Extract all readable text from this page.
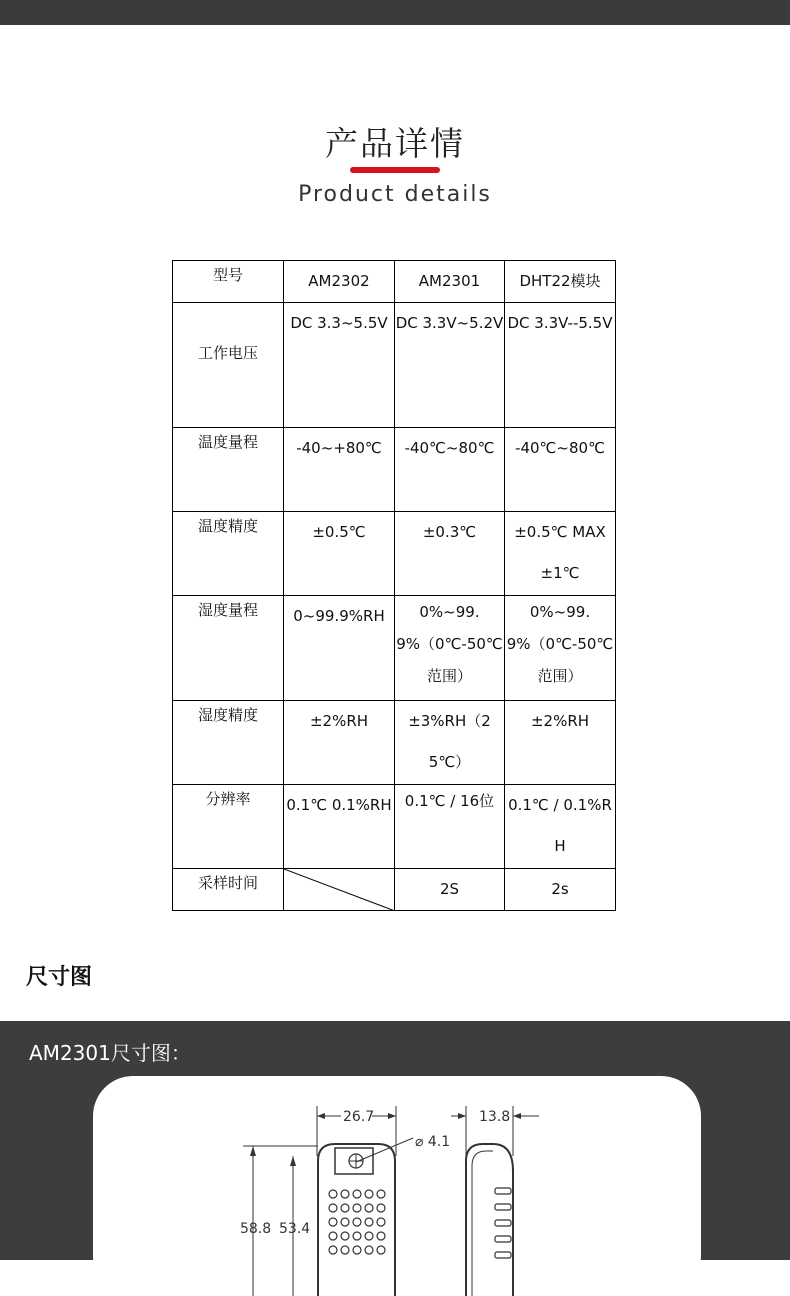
产品详情
Product details
型号	AM2302	AM2301	DHT22模块
工作电压	DC 3.3~5.5V	DC 3.3V~5.2V	DC 3.3V--5.5V
温度量程	-40~+80℃	-40℃~80℃	-40℃~80℃
温度精度	±0.5℃	±0.3℃	±0.5℃ MAX ±1℃
湿度量程	0~99.9%RH	0%~99.9%（0℃-50℃范围）	0%~99.9%（0℃-50℃范围）
湿度精度	±2%RH	±3%RH（25℃）	±2%RH
分辨率	0.1℃ 0.1%RH	0.1℃ / 16位	0.1℃ / 0.1%RH
采样时间		2S	2s
尺寸图
AM2301尺寸图：
26.7	13.8
⌀ 4.1
58.8 53.4
